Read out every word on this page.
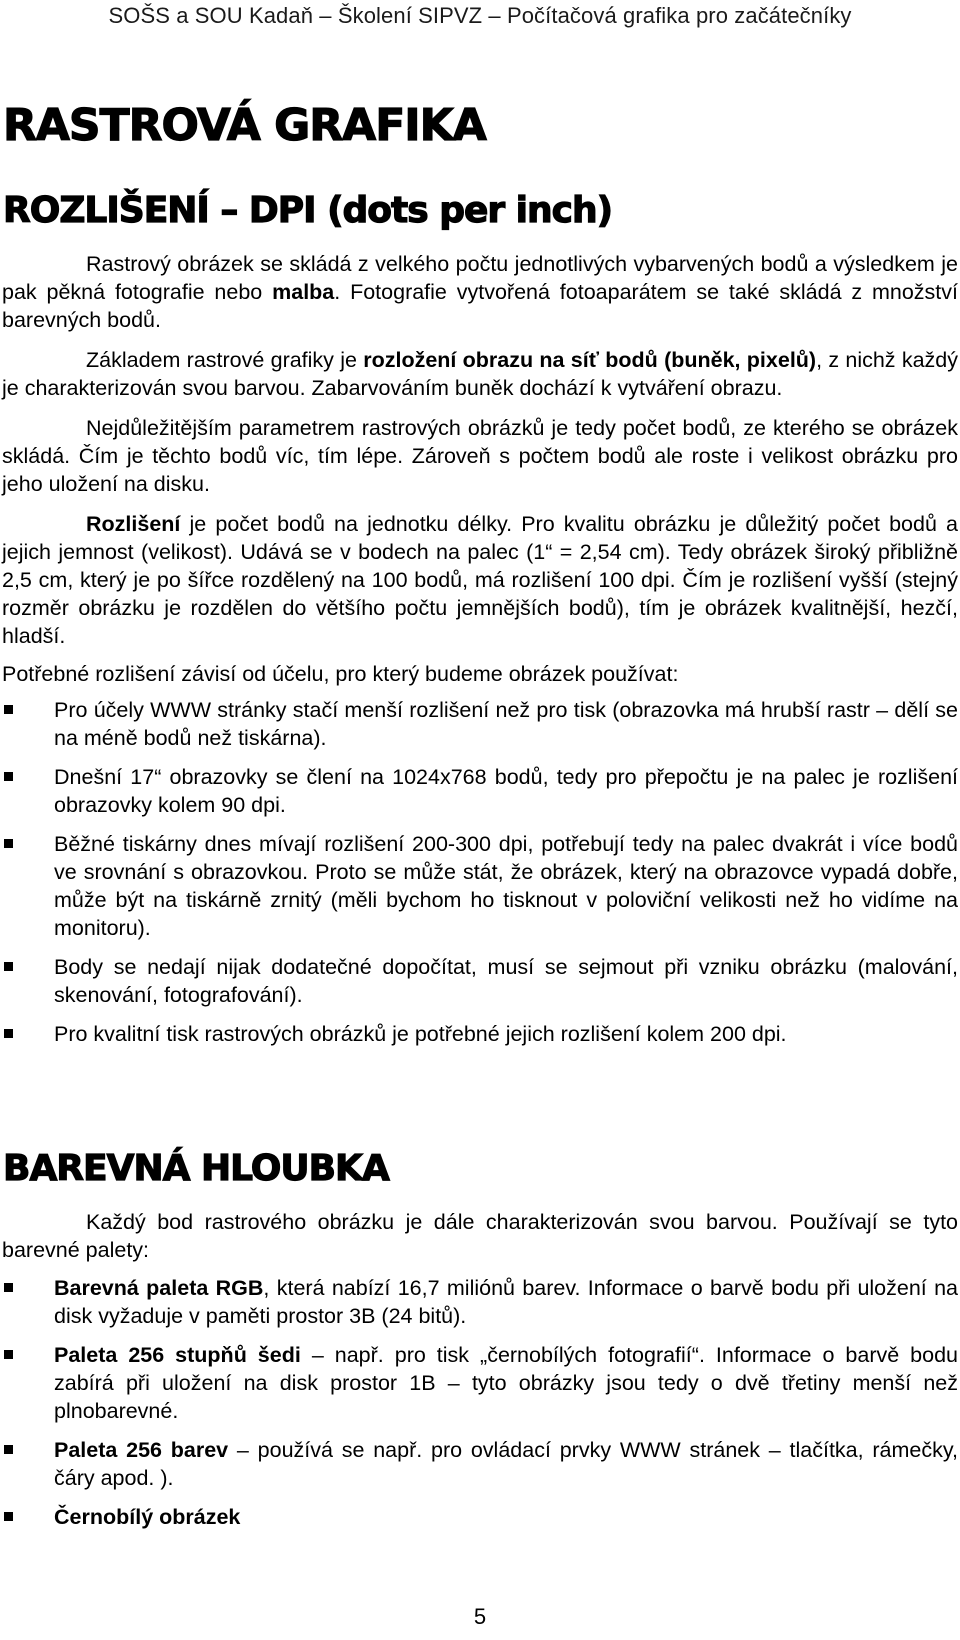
SOŠS a SOU Kadaň – Školení SIPVZ – Počítačová grafika pro začátečníky
RASTROVÁ GRAFIKA
ROZLIŠENÍ – DPI (dots per inch)

Rastrový obrázek se skládá z velkého počtu jednotlivých vybarvených bodů a výsledkem je pak pěkná fotografie nebo malba. Fotografie vytvořená fotoaparátem se také skládá z množství barevných bodů.

Základem rastrové grafiky je rozložení obrazu na síť bodů (buněk, pixelů), z nichž každý je charakterizován svou barvou. Zabarvováním buněk dochází k vytváření obrazu.

Nejdůležitějším parametrem rastrových obrázků je tedy počet bodů, ze kterého se obrázek skládá. Čím je těchto bodů víc, tím lépe. Zároveň s počtem bodů ale roste i velikost obrázku pro jeho uložení na disku.

Rozlišení je počet bodů na jednotku délky. Pro kvalitu obrázku je důležitý počet bodů a jejich jemnost (velikost). Udává se v bodech na palec (1“ = 2,54 cm). Tedy obrázek široký přibližně 2,5 cm, který je po šířce rozdělený na 100 bodů, má rozlišení 100 dpi. Čím je rozlišení vyšší (stejný rozměr obrázku je rozdělen do většího počtu jemnějších bodů), tím je obrázek kvalitnější, hezčí, hladší.

Potřebné rozlišení závisí od účelu, pro který budeme obrázek používat:

Pro účely WWW stránky stačí menší rozlišení než pro tisk (obrazovka má hrubší rastr – dělí se na méně bodů než tiskárna).
Dnešní 17“ obrazovky se člení na 1024x768 bodů, tedy pro přepočtu je na palec je rozlišení obrazovky kolem 90 dpi.
Běžné tiskárny dnes mívají rozlišení 200-300 dpi, potřebují tedy na palec dvakrát i více bodů ve srovnání s obrazovkou. Proto se může stát, že obrázek, který na obrazovce vypadá dobře, může být na tiskárně zrnitý (měli bychom ho tisknout v poloviční velikosti než ho vidíme na monitoru).
Body se nedají nijak dodatečné dopočítat, musí se sejmout při vzniku obrázku (malování, skenování, fotografování).
Pro kvalitní tisk rastrových obrázků je potřebné jejich rozlišení kolem 200 dpi.
BAREVNÁ HLOUBKA

Každý bod rastrového obrázku je dále charakterizován svou barvou. Používají se tyto barevné palety:

Barevná paleta RGB, která nabízí 16,7 miliónů barev. Informace o barvě bodu při uložení na disk vyžaduje v paměti prostor 3B (24 bitů).
Paleta 256 stupňů šedi – např. pro tisk „černobílých fotografií“. Informace o barvě bodu zabírá při uložení na disk prostor 1B – tyto obrázky jsou tedy o dvě třetiny menší než plnobarevné.
Paleta 256 barev – používá se např. pro ovládací prvky WWW stránek – tlačítka, rámečky, čáry apod. ).
Černobílý obrázek
5
